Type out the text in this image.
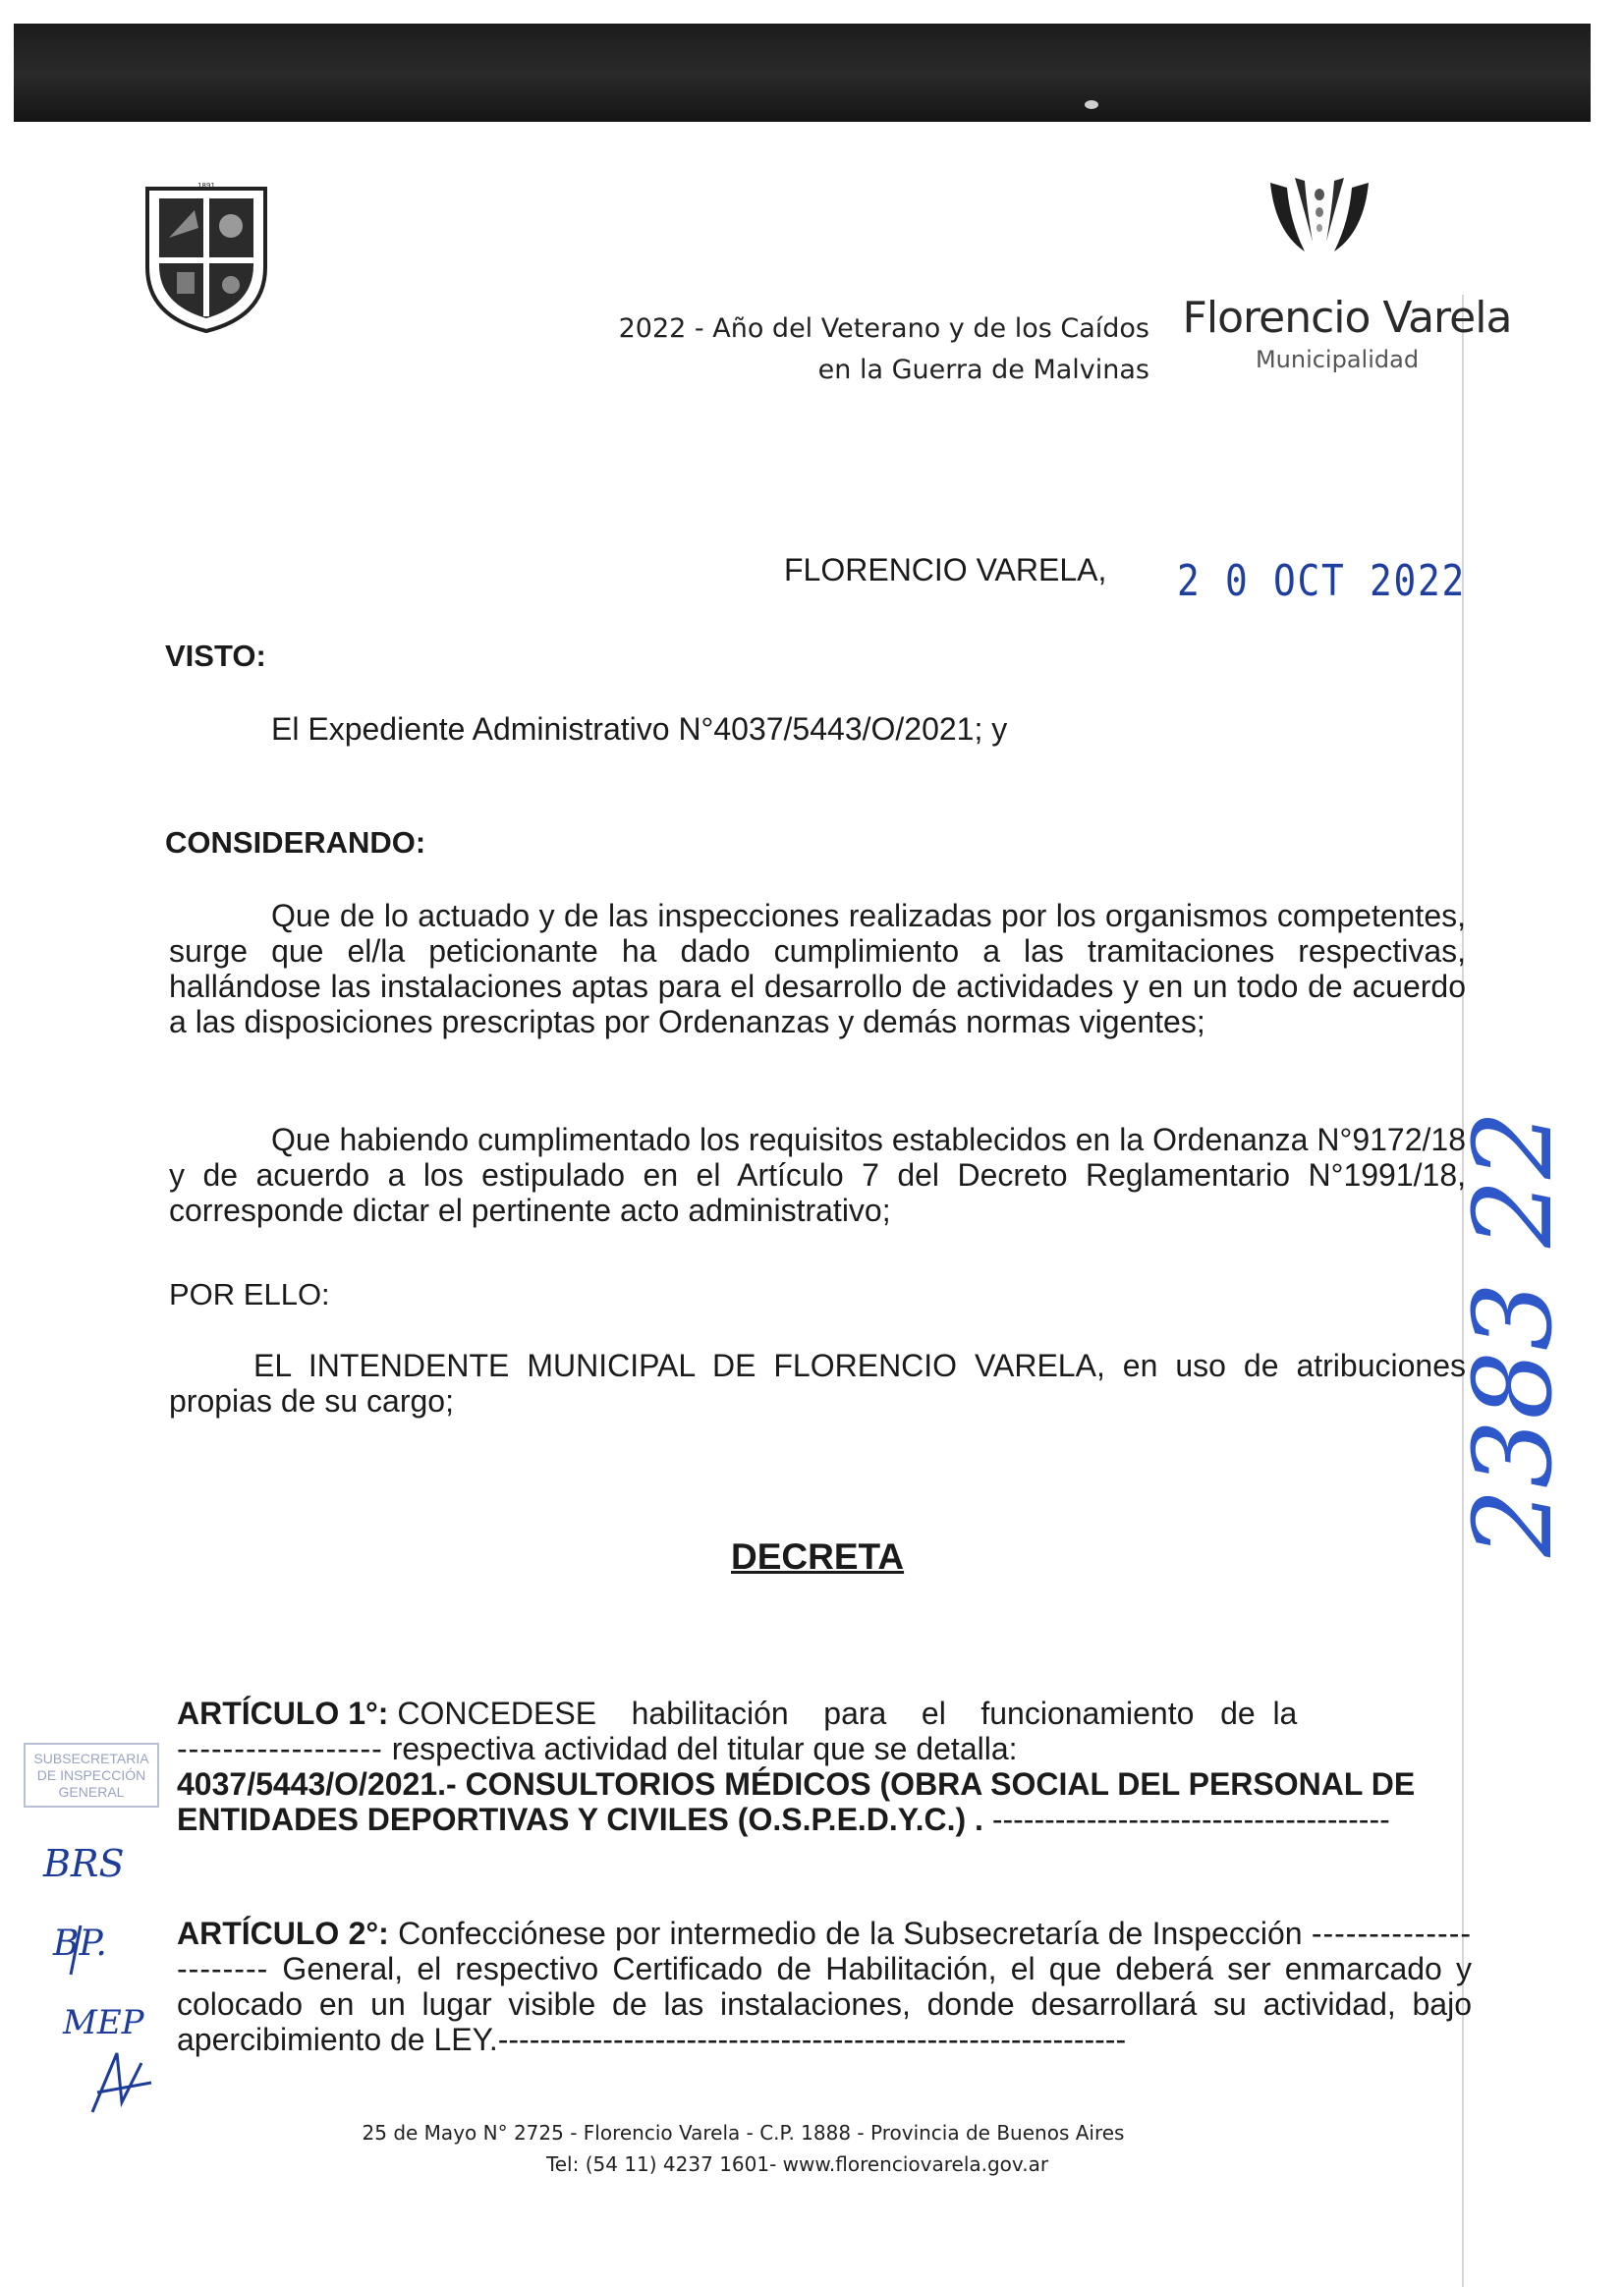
1891
2022 - Año del Veterano y de los Caídos
en la Guerra de Malvinas
Florencio Varela
Municipalidad
FLORENCIO VARELA, 2 0 OCT 2022
VISTO:
El Expediente Administrativo N°4037/5443/O/2021; y
CONSIDERANDO:
Que de lo actuado y de las inspecciones realizadas por los organismos competentes, surge que el/la peticionante ha dado cumplimiento a las tramitaciones respectivas, hallándose las instalaciones aptas para el desarrollo de actividades y en un todo de acuerdo a las disposiciones prescriptas por Ordenanzas y demás normas vigentes;
Que habiendo cumplimentado los requisitos establecidos en la Ordenanza N°9172/18 y de acuerdo a los estipulado en el Artículo 7 del Decreto Reglamentario N°1991/18, corresponde dictar el pertinente acto administrativo;
POR ELLO:
EL INTENDENTE MUNICIPAL DE FLORENCIO VARELA, en uso de atribuciones propias de su cargo;
DECRETA
ARTÍCULO 1°: CONCEDESE    habilitación    para    el    funcionamiento   de  la
------------------ respectiva actividad del titular que se detalla:
4037/5443/O/2021.- CONSULTORIOS MÉDICOS (OBRA SOCIAL DEL PERSONAL DE ENTIDADES DEPORTIVAS Y CIVILES (O.S.P.E.D.Y.C.) . --------------------------------------
ARTÍCULO 2°: Confecciónese por intermedio de la Subsecretaría de Inspección ---------------------- General, el respectivo Certificado de Habilitación, el que deberá ser enmarcado y colocado en un lugar visible de las instalaciones, donde desarrollará su actividad, bajo apercibimiento de LEY.------------------------------------------------------------
2383 22
SUBSECRETARIA DE INSPECCIÓN GENERAL
BRS
BP.
MEP
25 de Mayo N° 2725 - Florencio Varela - C.P. 1888 - Provincia de Buenos Aires
Tel: (54 11) 4237 1601- www.florenciovarela.gov.ar
